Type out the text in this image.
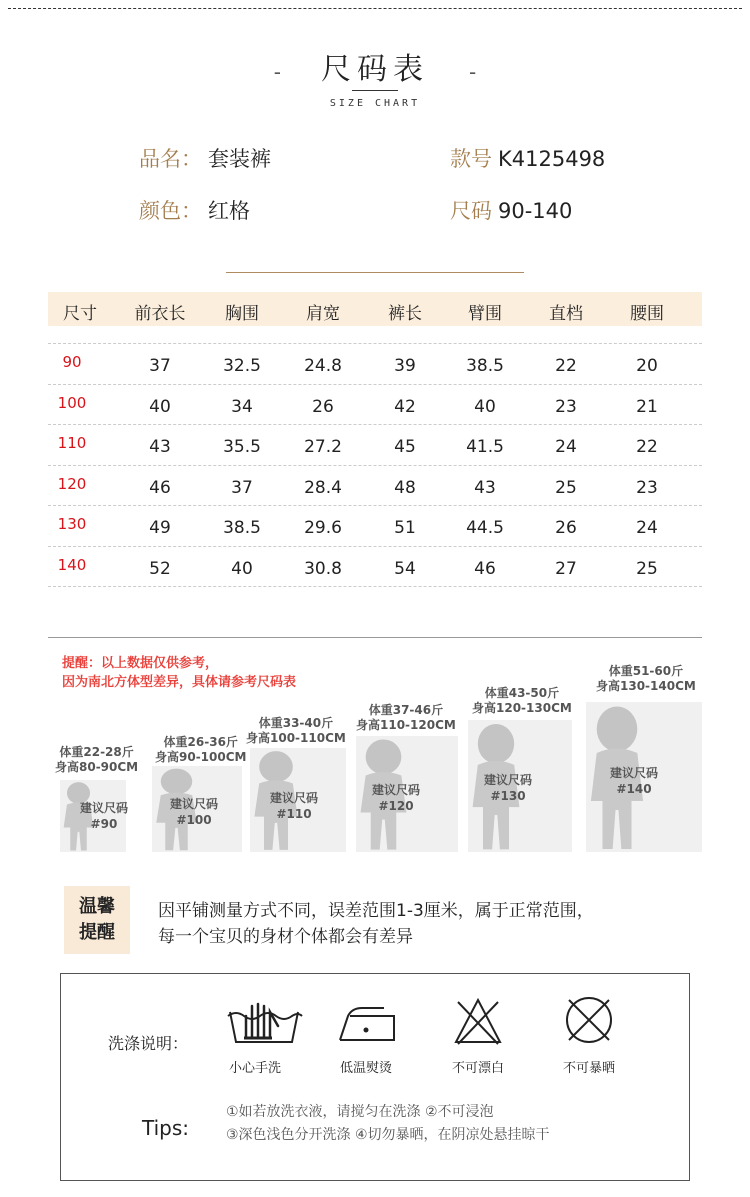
- 尺码表 -
SIZE CHART
品名： 套装裤	款号 K4125498
颜色： 红格	尺码 90-140
尺寸	前衣长	胸围	肩宽	裤长	臂围	直档	腰围
90	37	32.5	24.8	39	38.5	22	20
100	40	34	26	42	40	23	21
110	43	35.5	27.2	45	41.5	24	22
120	46	37	28.4	48	43	25	23
130	49	38.5	29.6	51	44.5	26	24
140	52	40	30.8	54	46	27	25
提醒：以上数据仅供参考，
因为南北方体型差异，具体请参考尺码表
体重22-28斤
身高80-90CM
建议尺码
#90
体重26-36斤
身高90-100CM
建议尺码
#100
体重33-40斤
身高100-110CM
建议尺码
#110
体重37-46斤
身高110-120CM
建议尺码
#120
体重43-50斤
身高120-130CM
建议尺码
#130
体重51-60斤
身高130-140CM
建议尺码
#140
温馨
提醒
因平铺测量方式不同，误差范围1-3厘米，属于正常范围，
每一个宝贝的身材个体都会有差异
洗涤说明：
小心手洗	低温熨烫	不可漂白	不可暴晒
Tips:
①如若放洗衣液，请搅匀在洗涤 ②不可浸泡
③深色浅色分开洗涤 ④切勿暴晒，在阴凉处悬挂晾干
